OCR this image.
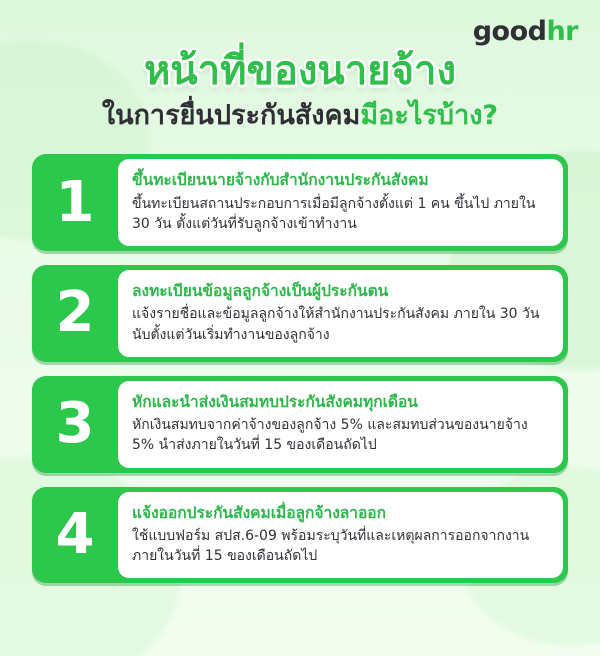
goodhr
หน้าที่ของนายจ้าง
ในการยื่นประกันสังคมมีอะไรบ้าง?
1	ขึ้นทะเบียนนายจ้างกับสำนักงานประกันสังคม
ขึ้นทะเบียนสถานประกอบการเมื่อมีลูกจ้างตั้งแต่ 1 คน ขึ้นไป ภายใน 30 วัน ตั้งแต่วันที่รับลูกจ้างเข้าทำงาน
2	ลงทะเบียนข้อมูลลูกจ้างเป็นผู้ประกันตน
แจ้งรายชื่อและข้อมูลลูกจ้างให้สำนักงานประกันสังคม ภายใน 30 วัน นับตั้งแต่วันเริ่มทำงานของลูกจ้าง
3	หักและนำส่งเงินสมทบประกันสังคมทุกเดือน
หักเงินสมทบจากค่าจ้างของลูกจ้าง 5% และสมทบส่วนของนายจ้าง 5% นำส่งภายในวันที่ 15 ของเดือนถัดไป
4	แจ้งออกประกันสังคมเมื่อลูกจ้างลาออก
ใช้แบบฟอร์ม สปส.6-09 พร้อมระบุวันที่และเหตุผลการออกจากงาน ภายในวันที่ 15 ของเดือนถัดไป
